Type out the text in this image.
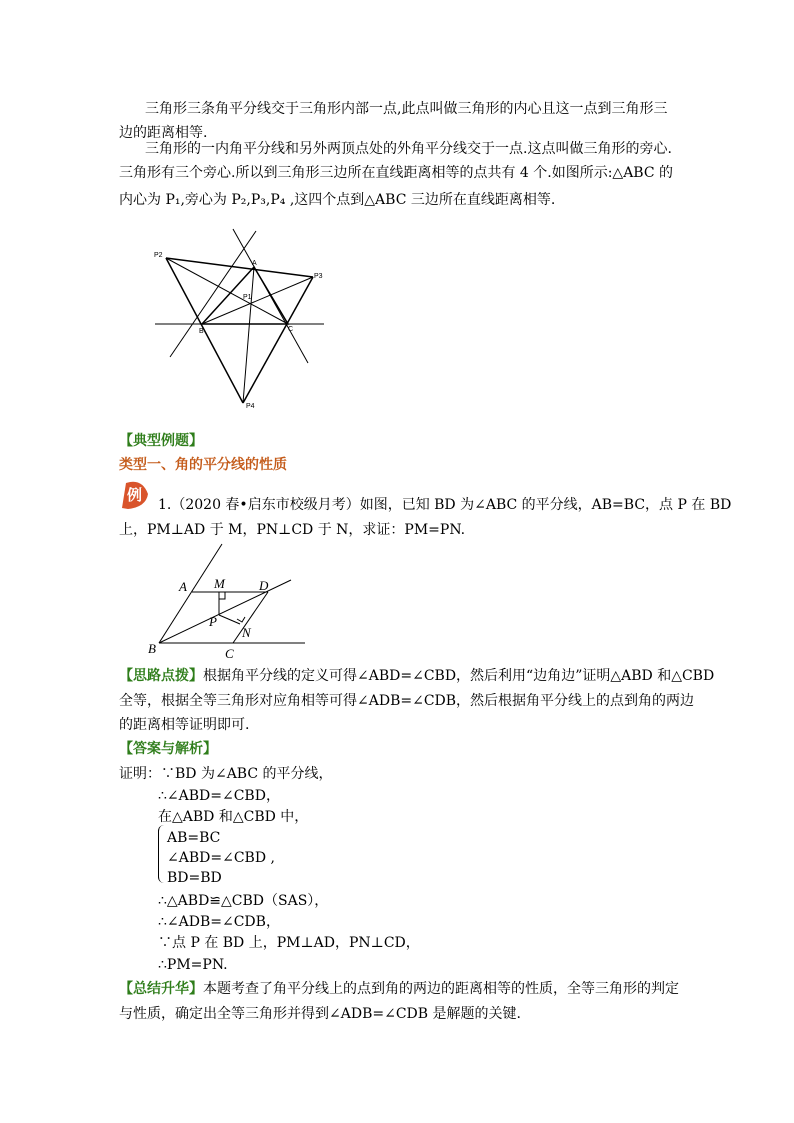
三角形三条角平分线交于三角形内部一点,此点叫做三角形的内心且这一点到三角形三
边的距离相等.
三角形的一内角平分线和另外两顶点处的外角平分线交于一点.这点叫做三角形的旁心.
三角形有三个旁心.所以到三角形三边所在直线距离相等的点共有 4 个.如图所示:△ABC 的
内心为 P₁,旁心为 P₂,P₃,P₄ ,这四个点到△ABC 三边所在直线距离相等.
P2
P3
P1
P4
A
B	C
【典型例题】
类型一、角的平分线的性质
例
1.（2020 春•启东市校级月考）如图，已知 BD 为∠ABC 的平分线，AB=BC，点 P 在 BD
上，PM⊥AD 于 M，PN⊥CD 于 N，求证：PM=PN.
A M	D
P
N
B	C
【思路点拨】根据角平分线的定义可得∠ABD=∠CBD，然后利用“边角边”证明△ABD 和△CBD
全等，根据全等三角形对应角相等可得∠ADB=∠CDB，然后根据角平分线上的点到角的两边
的距离相等证明即可.
【答案与解析】
证明：∵BD 为∠ABC 的平分线，
∴∠ABD=∠CBD，
在△ABD 和△CBD 中，
AB=BC
∠ABD=∠CBD ,
BD=BD
∴△ABD≌△CBD（SAS），
∴∠ADB=∠CDB，
∵点 P 在 BD 上，PM⊥AD，PN⊥CD，
∴PM=PN.
【总结升华】本题考查了角平分线上的点到角的两边的距离相等的性质，全等三角形的判定
与性质，确定出全等三角形并得到∠ADB=∠CDB 是解题的关键.
